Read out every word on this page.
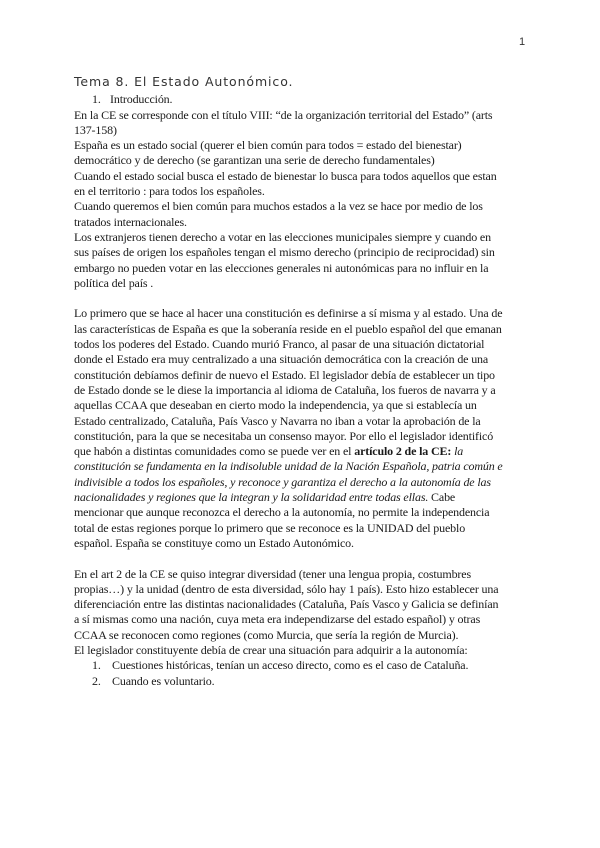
1
Tema 8. El Estado Autonómico.
1. Introducción.

En la CE se corresponde con el título VIII: “de la organización territorial del Estado” (arts 137-158)

España es un estado social (querer el bien común para todos = estado del bienestar) democrático y de derecho (se garantizan una serie de derecho fundamentales)

Cuando el estado social busca el estado de bienestar lo busca para todos aquellos que estan en el territorio : para todos los españoles.

Cuando queremos el bien común para muchos estados a la vez se hace por medio de los tratados internacionales.

Los extranjeros tienen derecho a votar en las elecciones municipales siempre y cuando en sus países de origen los españoles tengan el mismo derecho (principio de reciprocidad) sin embargo no pueden votar en las elecciones generales ni autonómicas para no influir en la política del país .

Lo primero que se hace al hacer una constitución es definirse a sí misma y al estado. Una de las características de España es que la soberanía reside en el pueblo español del que emanan todos los poderes del Estado. Cuando murió Franco, al pasar de una situación dictatorial donde el Estado era muy centralizado a una situación democrática con la creación de una constitución debíamos definir de nuevo el Estado. El legislador debía de establecer un tipo de Estado donde se le diese la importancia al idioma de Cataluña, los fueros de navarra y a aquellas CCAA que deseaban en cierto modo la independencia, ya que si establecía un Estado centralizado, Cataluña, País Vasco y Navarra no iban a votar la aprobación de la constitución, para la que se necesitaba un consenso mayor. Por ello el legislador identificó que habón a distintas comunidades como se puede ver en el artículo 2 de la CE: la constitución se fundamenta en la indisoluble unidad de la Nación Española, patria común e indivisible a todos los españoles, y reconoce y garantiza el derecho a la autonomía de las nacionalidades y regiones que la integran y la solidaridad entre todas ellas. Cabe mencionar que aunque reconozca el derecho a la autonomía, no permite la independencia total de estas regiones porque lo primero que se reconoce es la UNIDAD del pueblo español. España se constituye como un Estado Autonómico.

En el art 2 de la CE se quiso integrar diversidad (tener una lengua propia, costumbres propias…) y la unidad (dentro de esta diversidad, sólo hay 1 país). Esto hizo establecer una diferenciación entre las distintas nacionalidades (Cataluña, País Vasco y Galicia se definían a sí mismas como una nación, cuya meta era independizarse del estado español) y otras CCAA se reconocen como regiones (como Murcia, que sería la región de Murcia).

El legislador constituyente debía de crear una situación para adquirir a la autonomía:

1. Cuestiones históricas, tenían un acceso directo, como es el caso de Cataluña.
2. Cuando es voluntario.
